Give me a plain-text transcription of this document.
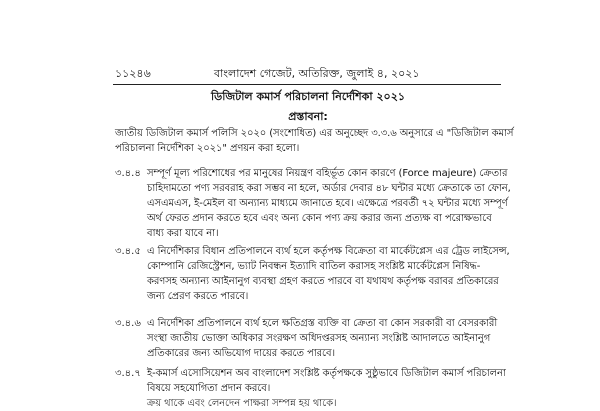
১১২৪৬	বাংলাদেশ গেজেট, অতিরিক্ত, জুলাই ৪, ২০২১
ডিজিটাল কমার্স পরিচালনা নির্দেশিকা ২০২১
প্রস্তাবনা:
জাতীয় ডিজিটাল কমার্স পলিসি ২০২০ (সংশোধিত) এর অনুচ্ছেদ ৩.৩.৬ অনুসারে এ "ডিজিটাল কমার্স
পরিচালনা নির্দেশিকা ২০২১" প্রণয়ন করা হলো।
৩.৪.৪ সম্পূর্ণ মূল্য পরিশোধের পর মানুষের নিয়ন্ত্রণ বহির্ভূত কোন কারণে (Force majeure) ক্রেতার
চাহিদামতো পণ্য সরবরাহ করা সম্ভব না হলে, অর্ডার দেবার ৪৮ ঘন্টার মধ্যে ক্রেতাকে তা ফোন,
এসএমএস, ই-মেইল বা অন্যান্য মাধ্যমে জানাতে হবে। এক্ষেত্রে পরবর্তী ৭২ ঘন্টার মধ্যে সম্পূর্ণ
অর্থ ফেরত প্রদান করতে হবে এবং অন্য কোন পণ্য ক্রয় করার জন্য প্রত্যক্ষ বা পরোক্ষভাবে
বাধ্য করা যাবে না।
৩.৪.৫ এ নির্দেশিকার বিধান প্রতিপালনে ব্যর্থ হলে কর্তৃপক্ষ বিক্রেতা বা মার্কেটপ্লেস এর ট্রেড লাইসেন্স,
কোম্পানি রেজিস্ট্রেশন, ভ্যাট নিবন্ধন ইত্যাদি বাতিল করাসহ সংশ্লিষ্ট মার্কেটপ্লেস নিষিদ্ধ-
করণসহ অন্যান্য আইনানুগ ব্যবস্থা গ্রহণ করতে পারবে বা যথাযথ কর্তৃপক্ষ বরাবর প্রতিকারের
জন্য প্রেরণ করতে পারবে।
৩.৪.৬ এ নির্দেশিকা প্রতিপালনে ব্যর্থ হলে ক্ষতিগ্রস্ত ব্যক্তি বা ক্রেতা বা কোন সরকারী বা বেসরকারী
সংস্থা জাতীয় ভোক্তা অধিকার সংরক্ষণ অধিদপ্তরসহ অন্যান্য সংশ্লিষ্ট আদালতে আইনানুগ
প্রতিকারের জন্য অভিযোগ দায়ের করতে পারবে।
৩.৪.৭ ই-কমার্স এসোসিয়েশন অব বাংলাদেশ সংশ্লিষ্ট কর্তৃপক্ষকে সুষ্ঠুভাবে ডিজিটাল কমার্স পরিচালনা
বিষয়ে সহযোগিতা প্রদান করবে।
ক্রয় থাকে এবং লেনদেন পাক্ষরা সম্পন্ন হয় থাকে।
